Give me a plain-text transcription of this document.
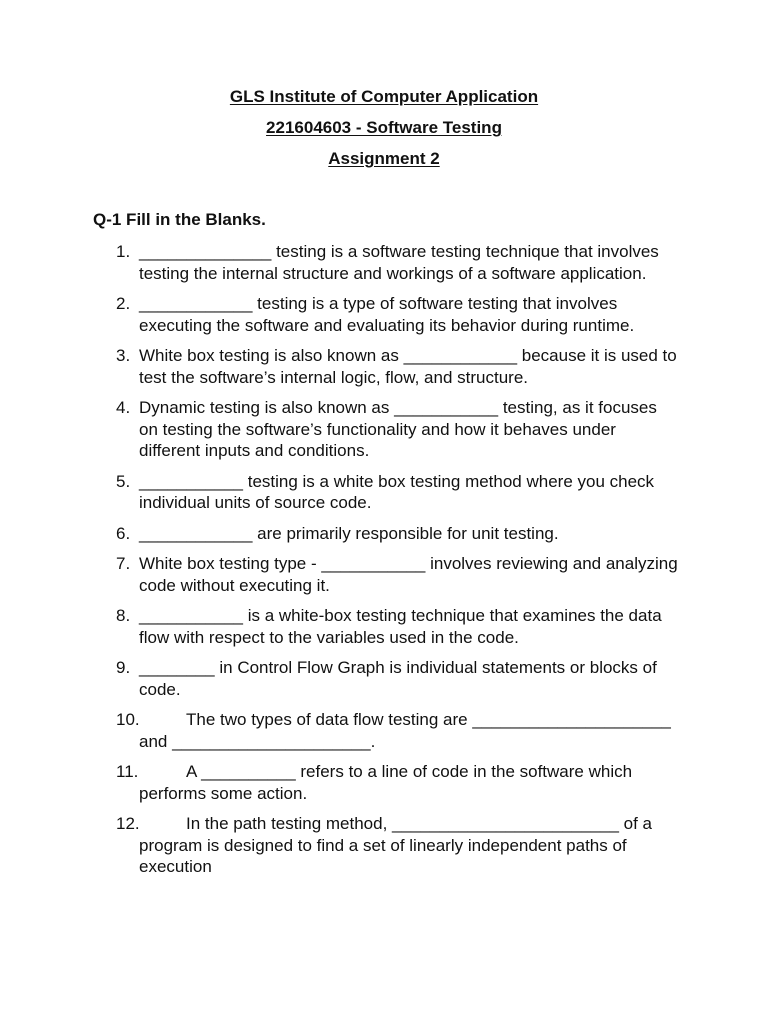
GLS Institute of Computer Application
221604603 - Software Testing
Assignment 2
Q-1 Fill in the Blanks.
1. ______________ testing is a software testing technique that involves testing the internal structure and workings of a software application.
2. ____________ testing is a type of software testing that involves executing the software and evaluating its behavior during runtime.
3. White box testing is also known as ____________ because it is used to test the software’s internal logic, flow, and structure.
4. Dynamic testing is also known as ___________ testing, as it focuses on testing the software’s functionality and how it behaves under different inputs and conditions.
5. ___________ testing is a white box testing method where you check individual units of source code.
6. ____________ are primarily responsible for unit testing.
7. White box testing type - ___________ involves reviewing and analyzing code without executing it.
8. ___________ is a white-box testing technique that examines the data flow with respect to the variables used in the code.
9. ________ in Control Flow Graph is individual statements or blocks of code.
10.	The two types of data flow testing are _____________________ and _____________________.
11.	A __________ refers to a line of code in the software which performs some action.
12.	In the path testing method, ________________________ of a program is designed to find a set of linearly independent paths of execution
